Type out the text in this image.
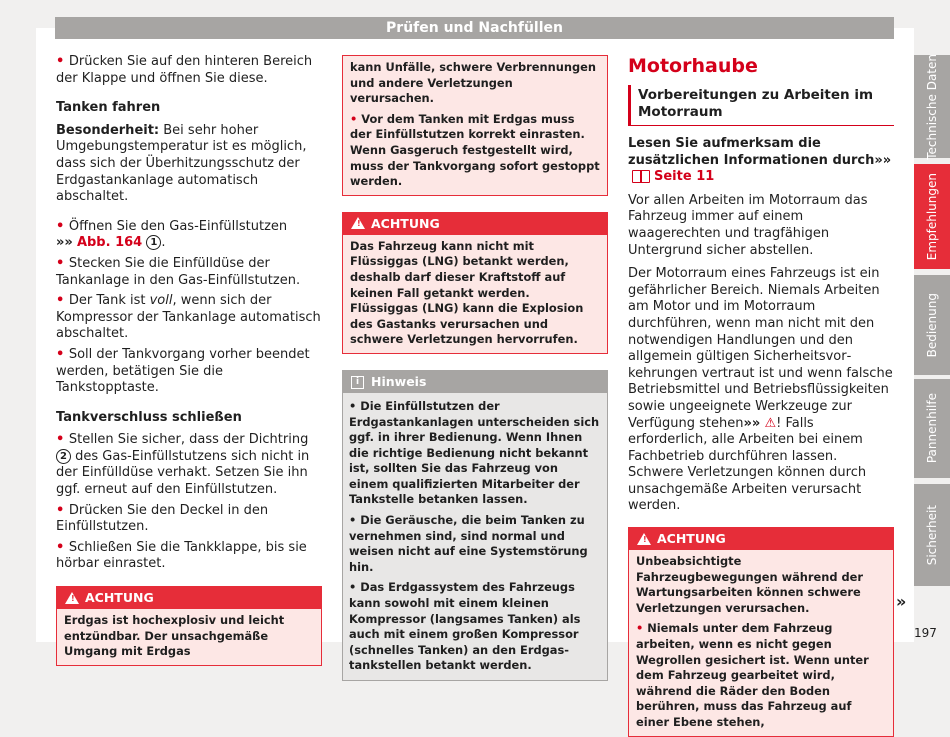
Prüfen und Nachfüllen

• Drücken Sie auf den hinteren Bereich der Klappe und öffnen Sie diese.

Tanken fahren

Besonderheit: Bei sehr hoher Umgebungstemperatur ist es möglich, dass sich der Überhitzungsschutz der Erdgastankanlage automatisch abschaltet.

• Öffnen Sie den Gas-Einfüllstutzen
»» Abb. 164 1 .

• Stecken Sie die Einfülldüse der Tankanlage in den Gas-Einfüllstutzen.

• Der Tank ist voll, wenn sich der Kompressor der Tankanlage automatisch abschaltet.

• Soll der Tankvorgang vorher beendet werden, betätigen Sie die Tankstopptaste.

Tankverschluss schließen

• Stellen Sie sicher, dass der Dichtring 2 des Gas-Einfüllstutzens sich nicht in der Einfülldüse verhakt. Setzen Sie ihn ggf. erneut auf den Einfüllstutzen.

• Drücken Sie den Deckel in den Einfüllstutzen.

• Schließen Sie die Tankklappe, bis sie hörbar einrastet.

! ACHTUNG
Erdgas ist hochexplosiv und leicht entzündbar. Der unsachgemäße Umgang mit Erdgas

kann Unfälle, schwere Verbrennungen und andere Verletzungen verursachen.

• Vor dem Tanken mit Erdgas muss der Einfüllstutzen korrekt einrasten. Wenn Gasgeruch festgestellt wird, muss der Tankvorgang sofort gestoppt werden.

! ACHTUNG
Das Fahrzeug kann nicht mit Flüssiggas (LNG) betankt werden, deshalb darf dieser Kraftstoff auf keinen Fall getankt werden. Flüssiggas (LNG) kann die Explosion des Gastanks verursachen und schwere Verletzungen hervorrufen.
i Hinweis

• Die Einfüllstutzen der Erdgastankanlagen unterscheiden sich ggf. in ihrer Bedienung. Wenn Ihnen die richtige Bedienung nicht bekannt ist, sollten Sie das Fahrzeug von einem qualifizierten Mitarbeiter der Tankstelle betanken lassen.

• Die Geräusche, die beim Tanken zu vernehmen sind, sind normal und weisen nicht auf eine Systemstörung hin.

• Das Erdgassystem des Fahrzeugs kann sowohl mit einem kleinen Kompressor (langsames Tanken) als auch mit einem großen Kompressor (schnelles Tanken) an den Erdgastankstellen betankt werden.

Motorhaube
Vorbereitungen zu Arbeiten im Motorraum

Lesen Sie aufmerksam die zusätzlichen Informationen durch»»Seite 11

Vor allen Arbeiten im Motorraum das Fahrzeug immer auf einem waagerechten und tragfähigen Untergrund sicher abstellen.

Der Motorraum eines Fahrzeugs ist ein gefährlicher Bereich. Niemals Arbeiten am Motor und im Motorraum durchführen, wenn man nicht mit den notwendigen Handlungen und den allgemein gültigen Sicherheitsvorkehrungen vertraut ist und wenn falsche Betriebsmittel und Betriebsflüssigkeiten sowie ungeeignete Werkzeuge zur Verfügung stehen»» ⚠! Falls erforderlich, alle Arbeiten bei einem Fachbetrieb durchführen lassen. Schwere Verletzungen können durch unsachgemäße Arbeiten verursacht werden.

! ACHTUNG

Unbeabsichtigte Fahrzeugbewegungen während der Wartungsarbeiten können schwere Verletzungen verursachen.

• Niemals unter dem Fahrzeug arbeiten, wenn es nicht gegen Wegrollen gesichert ist. Wenn unter dem Fahrzeug gearbeitet wird, während die Räder den Boden berühren, muss das Fahrzeug auf einer Ebene stehen,

»
Technische Daten
Empfehlungen
Bedienung
Pannenhilfe
Sicherheit
197
